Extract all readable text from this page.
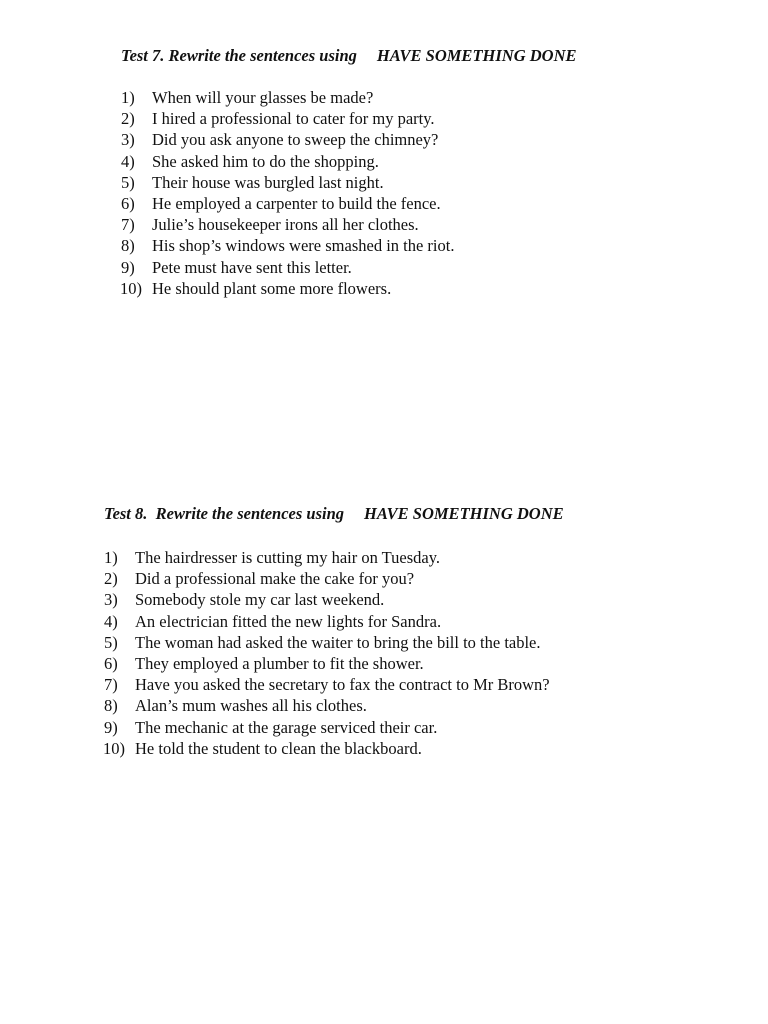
Test 7. Rewrite the sentences using HAVE SOMETHING DONE
1)	When will your glasses be made?
2)	I hired a professional to cater for my party.
3)	Did you ask anyone to sweep the chimney?
4)	She asked him to do the shopping.
5)	Their house was burgled last night.
6)	He employed a carpenter to build the fence.
7)	Julie’s housekeeper irons all her clothes.
8)	His shop’s windows were smashed in the riot.
9)	Pete must have sent this letter.
10) He should plant some more flowers.
Test 8.  Rewrite the sentences using HAVE SOMETHING DONE
1)	The hairdresser is cutting my hair on Tuesday.
2)	Did a professional make the cake for you?
3)	Somebody stole my car last weekend.
4)	An electrician fitted the new lights for Sandra.
5)	The woman had asked the waiter to bring the bill to the table.
6)	They employed a plumber to fit the shower.
7)	Have you asked the secretary to fax the contract to Mr Brown?
8)	Alan’s mum washes all his clothes.
9)	The mechanic at the garage serviced their car.
10) He told the student to clean the blackboard.
